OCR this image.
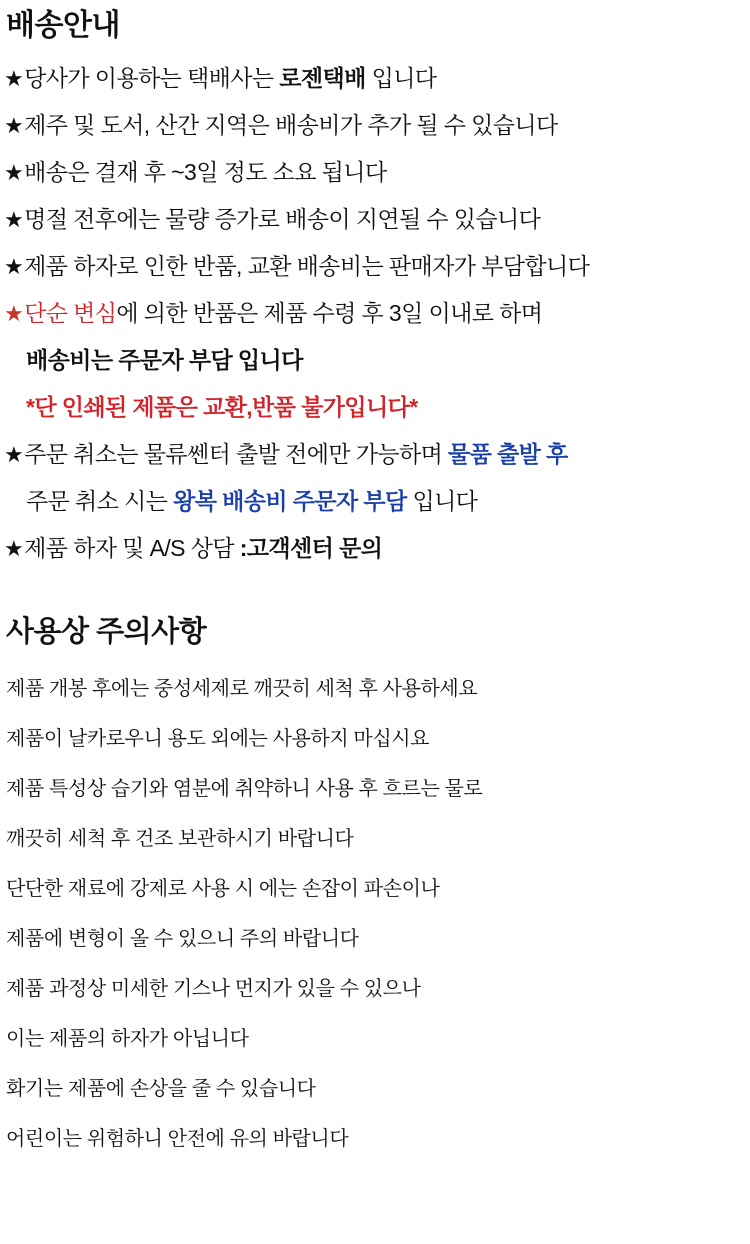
배송안내
★당사가 이용하는 택배사는 로젠택배 입니다
★제주 및 도서, 산간 지역은 배송비가 추가 될 수 있습니다
★배송은 결재 후 ~3일 정도 소요 됩니다
★명절 전후에는 물량 증가로 배송이 지연될 수 있습니다
★제품 하자로 인한 반품, 교환 배송비는 판매자가 부담합니다
★단순 변심에 의한 반품은 제품 수령 후 3일 이내로 하며
배송비는 주문자 부담 입니다
*단 인쇄된 제품은 교환,반품 불가입니다*
★주문 취소는 물류쎈터 출발 전에만 가능하며 물품 출발 후
주문 취소 시는 왕복 배송비 주문자 부담 입니다
★제품 하자 및 A/S 상담 :고객센터 문의
사용상 주의사항
제품 개봉 후에는 중성세제로 깨끗히 세척 후 사용하세요
제품이 날카로우니 용도 외에는 사용하지 마십시요
제품 특성상 습기와 염분에 취약하니 사용 후 흐르는 물로
깨끗히 세척 후 건조 보관하시기 바랍니다
단단한 재료에 강제로 사용 시 에는 손잡이 파손이나
제품에 변형이 올 수 있으니 주의 바랍니다
제품 과정상 미세한 기스나 먼지가 있을 수 있으나
이는 제품의 하자가 아닙니다
화기는 제품에 손상을 줄 수 있습니다
어린이는 위험하니 안전에 유의 바랍니다
